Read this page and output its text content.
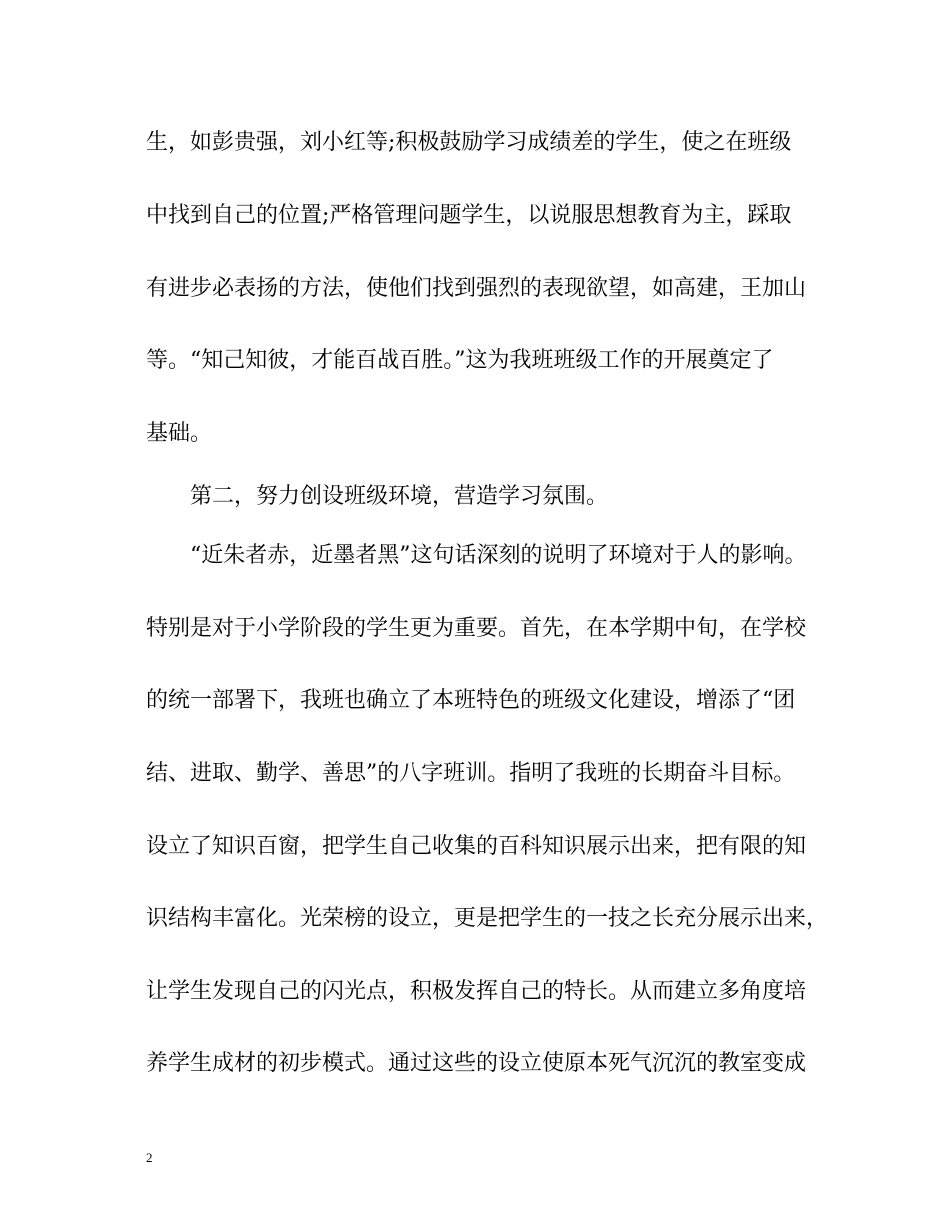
生，如彭贵强，刘小红等;积极鼓励学习成绩差的学生，使之在班级
中找到自己的位置;严格管理问题学生，以说服思想教育为主，踩取
有进步必表扬的方法，使他们找到强烈的表现欲望，如高建，王加山
等。“知己知彼，才能百战百胜。”这为我班班级工作的开展奠定了
基础。
第二，努力创设班级环境，营造学习氛围。
“近朱者赤，近墨者黑”这句话深刻的说明了环境对于人的影响。
特别是对于小学阶段的学生更为重要。首先，在本学期中旬，在学校
的统一部署下，我班也确立了本班特色的班级文化建设，增添了“团
结、进取、勤学、善思”的八字班训。指明了我班的长期奋斗目标。
设立了知识百窗，把学生自己收集的百科知识展示出来，把有限的知
识结构丰富化。光荣榜的设立，更是把学生的一技之长充分展示出来，
让学生发现自己的闪光点，积极发挥自己的特长。从而建立多角度培
养学生成材的初步模式。通过这些的设立使原本死气沉沉的教室变成
2
